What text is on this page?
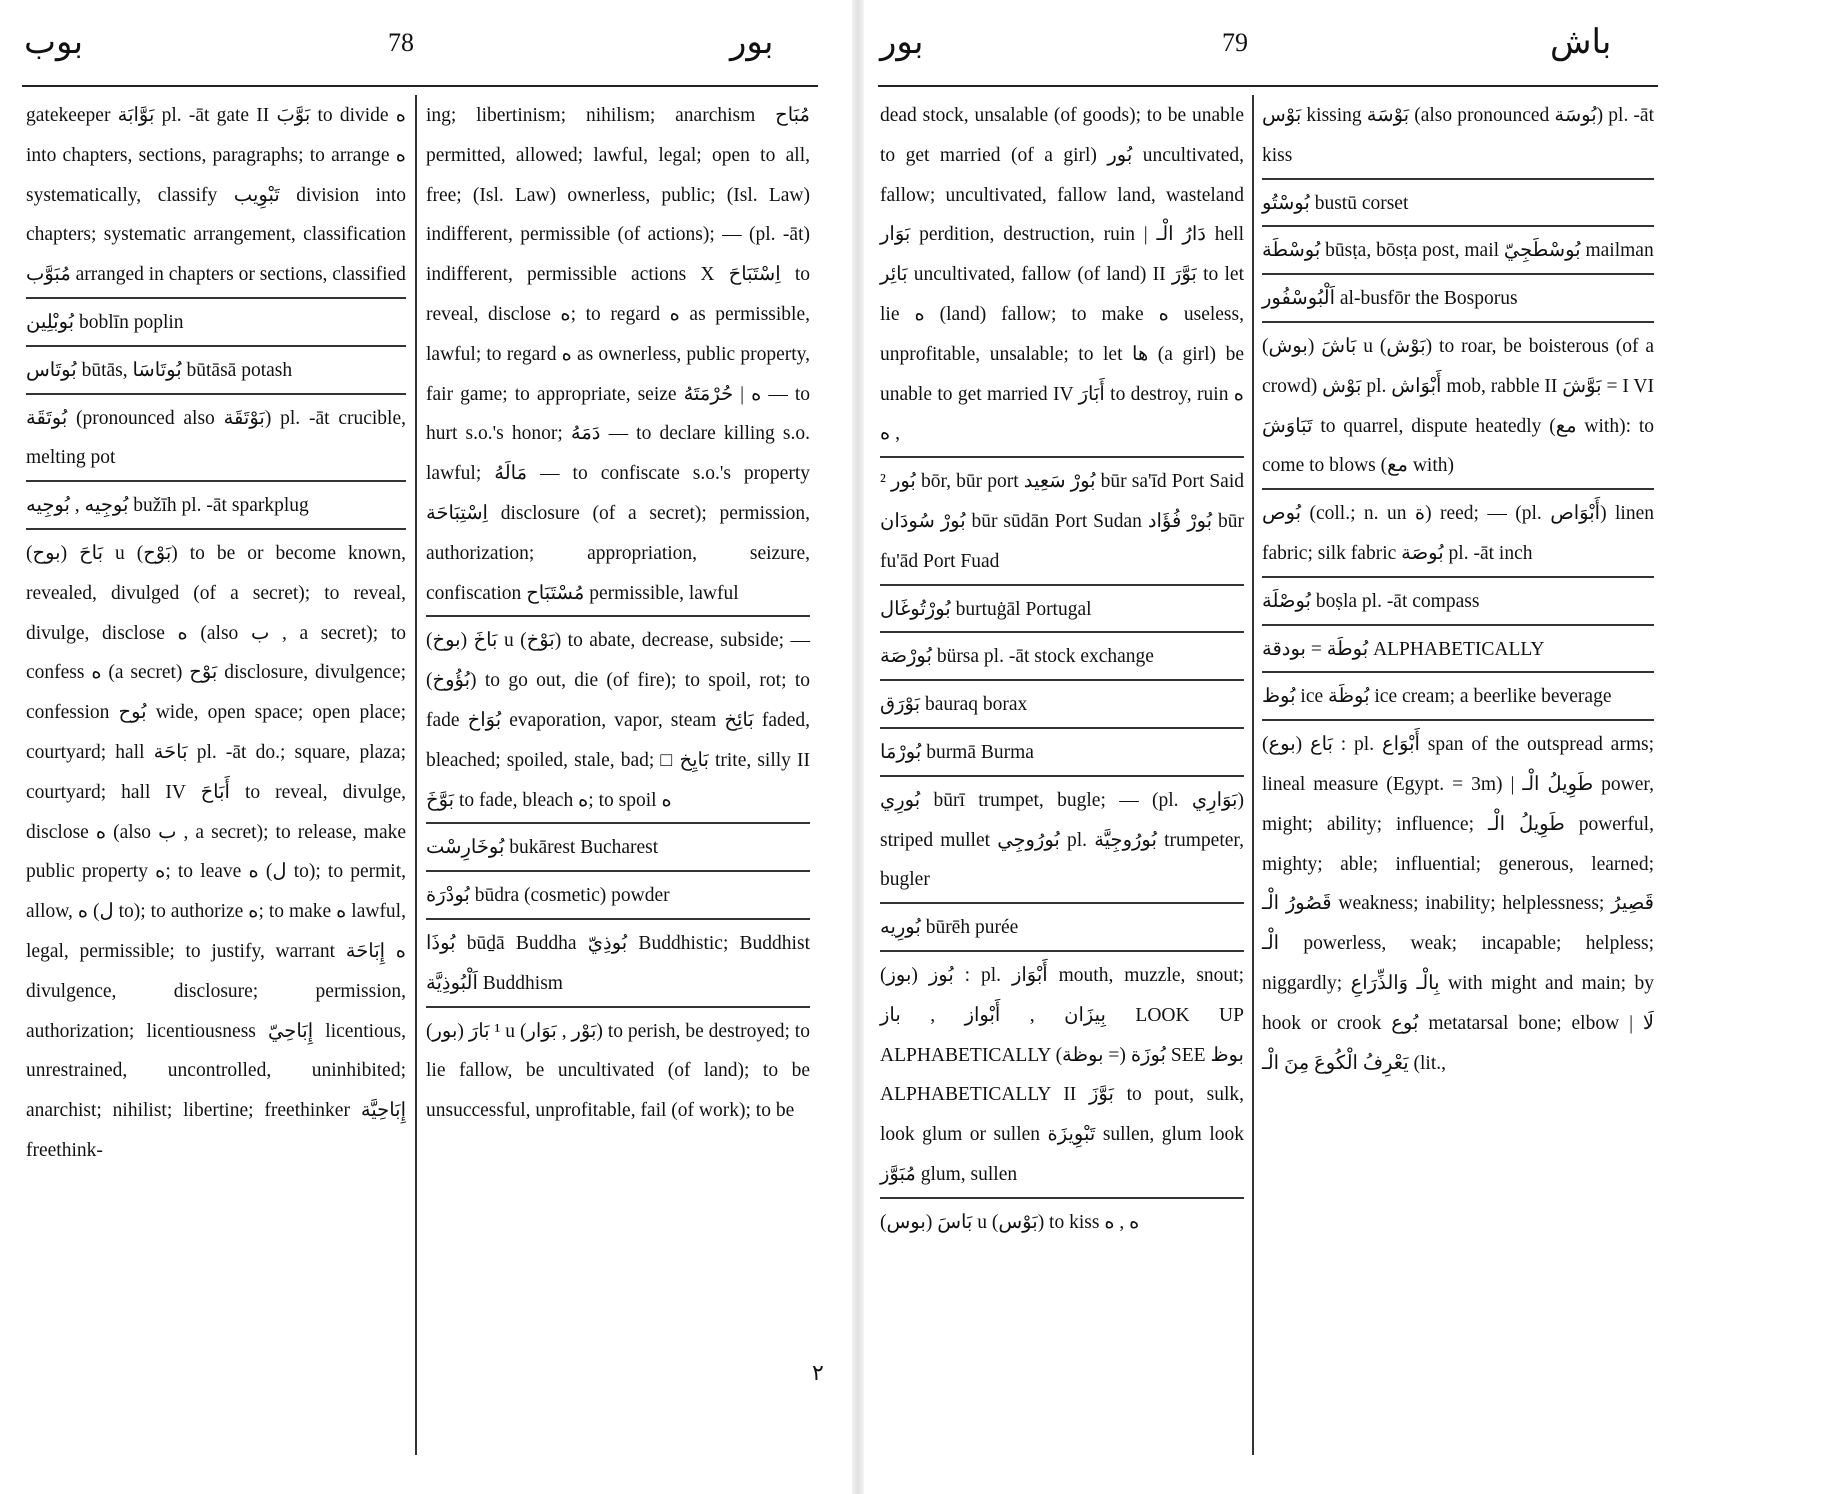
بوب	78	بور
gatekeeper بَوَّابَة pl. -āt gate II بَوَّبَ to divide ه into chapters, sections, paragraphs; to arrange ه systematically, classify تَبْوِيب division into chapters; systematic arrangement, classification مُبَوَّب arranged in chapters or sections, classified
بُوبْلِين boblīn poplin
بُوتَاس būtās, بُوتَاسَا būtāsā potash
بُوتَقَة (pronounced also بَوْتَقَة) pl. -āt crucible, melting pot
بُوجِيه , بُوجِيه bužīh pl. -āt sparkplug
(بوح) بَاحَ u (بَوْح) to be or become known, revealed, divulged (of a secret); to reveal, divulge, disclose ه (also ب , a secret); to confess ه (a secret) بَوْح disclosure, divulgence; confession بُوح wide, open space; open place; courtyard; hall بَاحَة pl. -āt do.; square, plaza; courtyard; hall IV أَبَاحَ to reveal, divulge, disclose ه (also ب , a secret); to release, make public property ه; to leave ه (ل to); to permit, allow, ه (ل to); to authorize ه; to make ه lawful, legal, permissible; to justify, warrant ه إِبَاحَة divulgence, disclosure; permission, authorization; licentiousness إِبَاحِيّ licentious, unrestrained, uncontrolled, uninhibited; anarchist; nihilist; libertine; freethinker إِبَاحِيَّة freethink-
ing; libertinism; nihilism; anarchism مُبَاح permitted, allowed; lawful, legal; open to all, free; (Isl. Law) ownerless, public; (Isl. Law) indifferent, permissible (of actions); — (pl. -āt) indifferent, permissible actions X اِسْتَبَاحَ to reveal, disclose ه; to regard ه as permissible, lawful; to regard ه as ownerless, public property, fair game; to appropriate, seize ه | حُرْمَتَهُ — to hurt s.o.'s honor; دَمَهُ — to declare killing s.o. lawful; مَالَهُ — to confiscate s.o.'s property اِسْتِبَاحَة disclosure (of a secret); permission, authorization; appropriation, seizure, confiscation مُسْتَبَاح permissible, lawful
(بوخ) بَاخَ u (بَوْخ) to abate, decrease, subside; — (بُؤُوخ) to go out, die (of fire); to spoil, rot; to fade بُوَاخ evaporation, vapor, steam بَائِخ faded, bleached; spoiled, stale, bad; □ بَايِخ trite, silly II بَوَّخَ to fade, bleach ه; to spoil ه
بُوخَارِسْت bukārest Bucharest
بُودْرَة būdra (cosmetic) powder
بُوذَا būḏā Buddha بُوذِيّ Buddhistic; Buddhist اَلْبُوذِيَّة Buddhism
(بور) ¹ بَارَ u (بَوْر , بَوَار) to perish, be destroyed; to lie fallow, be uncultivated (of land); to be unsuccessful, unprofitable, fail (of work); to be
بور	79	باش
dead stock, unsalable (of goods); to be unable to get married (of a girl) بُور uncultivated, fallow; uncultivated, fallow land, wasteland بَوَار perdition, destruction, ruin | دَارُ الْـ hell بَائِر uncultivated, fallow (of land) II بَوَّرَ to let lie ه (land) fallow; to make ه useless, unprofitable, unsalable; to let ها (a girl) be unable to get married IV أَبَارَ to destroy, ruin ه , ه
بُور ² bōr, būr port بُورْ سَعِيد būr sa'īd Port Said بُورْ سُودَان būr sūdān Port Sudan بُورْ فُؤَاد būr fu'ād Port Fuad
بُورْتُوغَال burtuġāl Portugal
بُورْصَة bürsa pl. -āt stock exchange
بَوْرَق bauraq borax
بُورْمَا burmā Burma
بُورِي būrī trumpet, bugle; — (pl. بَوَارِي) striped mullet بُورُوجِي pl. بُورُوجِيَّة trumpeter, bugler
بُورِيه būrēh purée
(بوز) بُوز : pl. أَبْوَاز mouth, muzzle, snout; بِيزَان , أَبْواز , باز LOOK UP ALPHABETICALLY بُوزَة (= بوظة) SEE بوظ ALPHABETICALLY II بَوَّزَ to pout, sulk, look glum or sullen تَبْوِيزَة sullen, glum look مُبَوَّز glum, sullen
(بوس) بَاسَ u (بَوْس) to kiss ه , ه
بَوْس kissing بَوْسَة (also pronounced بُوسَة) pl. -āt kiss
بُوسْتُو bustū corset
بُوسْطَة būsṭa, bōsṭa post, mail بُوسْطَجِيّ mailman
اَلْبُوسْفُور al-busfōr the Bosporus
(بوش) بَاشَ u (بَوْش) to roar, be boisterous (of a crowd) بَوْش pl. أَبْوَاش mob, rabble II بَوَّشَ = I VI تَبَاوَشَ to quarrel, dispute heatedly (مع with): to come to blows (مع with)
بُوص (coll.; n. un ة) reed; — (pl. أَبْوَاص) linen fabric; silk fabric بُوصَة pl. -āt inch
بُوصْلَة boṣla pl. -āt compass
بُوطَة = بودقة ALPHABETICALLY
بُوظ ice بُوظَة ice cream; a beerlike beverage
(بوع) بَاع : pl. أَبْوَاع span of the outspread arms; lineal measure (Egypt. = 3m) | طَوِيلُ الْـ power, might; ability; influence; طَوِيلُ الْـ powerful, mighty; able; influential; generous, learned; قَصُورُ الْـ weakness; inability; helplessness; قَصِيرُ الْـ powerless, weak; incapable; helpless; niggardly; بِالْـ وَالذِّرَاعِ with might and main; by hook or crook بُوع metatarsal bone; elbow | لَا يَعْرِفُ الْكُوعَ مِنَ الْـ (lit.,
٢
